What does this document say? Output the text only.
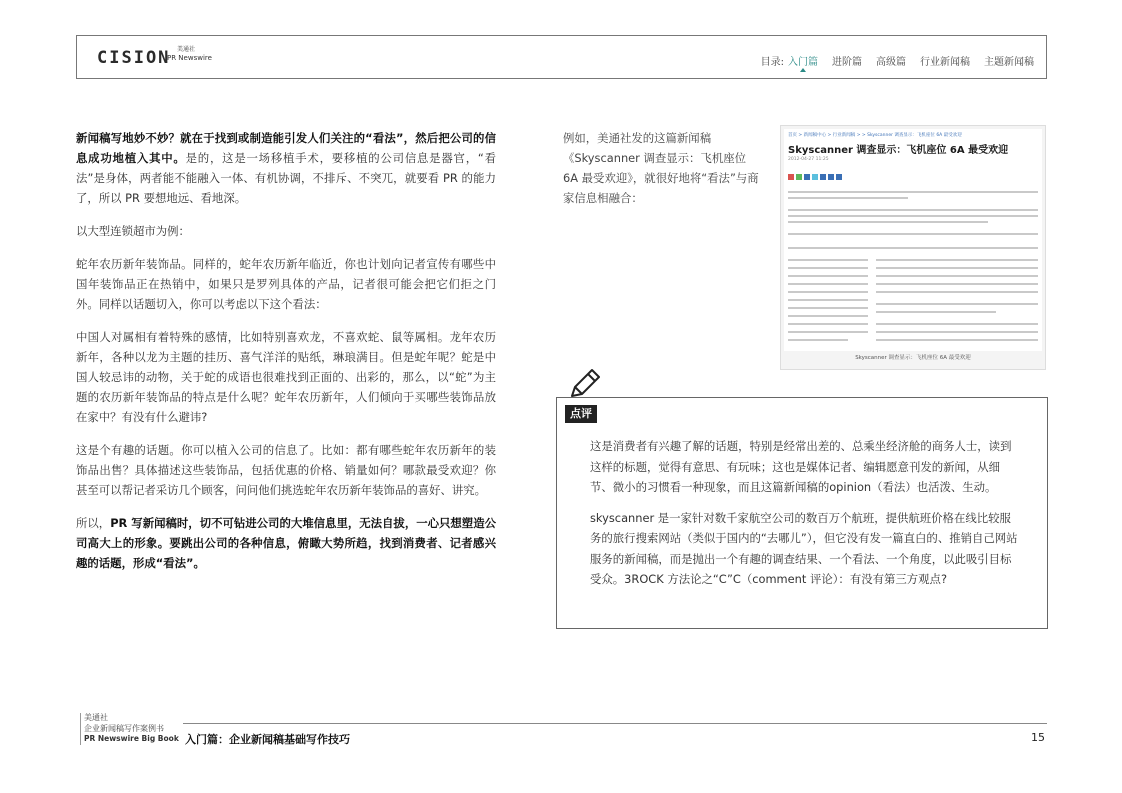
CISION 美通社
PR Newswire	目录: 入门篇 进阶篇 高级篇 行业新闻稿 主题新闻稿

新闻稿写地妙不妙？就在于找到或制造能引发人们关注的“看法”，然后把公司的信息成功地植入其中。是的，这是一场移植手术，要移植的公司信息是器官，“看法”是身体，两者能不能融入一体、有机协调，不排斥、不突兀，就要看 PR 的能力了，所以 PR 要想地远、看地深。

以大型连锁超市为例：

蛇年农历新年装饰品。同样的，蛇年农历新年临近，你也计划向记者宣传有哪些中国年装饰品正在热销中，如果只是罗列具体的产品，记者很可能会把它们拒之门外。同样以话题切入，你可以考虑以下这个看法：

中国人对属相有着特殊的感情，比如特别喜欢龙，不喜欢蛇、鼠等属相。龙年农历新年，各种以龙为主题的挂历、喜气洋洋的贴纸，琳琅满目。但是蛇年呢？蛇是中国人较忌讳的动物，关于蛇的成语也很难找到正面的、出彩的，那么，以“蛇”为主题的农历新年装饰品的特点是什么呢？蛇年农历新年，人们倾向于买哪些装饰品放在家中？有没有什么避讳?

这是个有趣的话题。你可以植入公司的信息了。比如：都有哪些蛇年农历新年的装饰品出售？具体描述这些装饰品，包括优惠的价格、销量如何？哪款最受欢迎？你甚至可以帮记者采访几个顾客，问问他们挑选蛇年农历新年装饰品的喜好、讲究。

所以，PR 写新闻稿时，切不可钻进公司的大堆信息里，无法自拔，一心只想塑造公司高大上的形象。要跳出公司的各种信息，俯瞰大势所趋，找到消费者、记者感兴趣的话题，形成“看法”。

例如，美通社发的这篇新闻稿《Skyscanner 调查显示：飞机座位 6A 最受欢迎》，就很好地将“看法”与商家信息相融合：
首页 > 新闻稿中心 > 行业新闻稿 > > Skyscanner 调查显示：飞机座位 6A 最受欢迎
Skyscanner 调查显示：飞机座位 6A 最受欢迎
2012-04-27 11:25
Skyscanner 调查显示：飞机座位 6A 最受欢迎
点评

这是消费者有兴趣了解的话题，特别是经常出差的、总乘坐经济舱的商务人士，读到这样的标题，觉得有意思、有玩味；这也是媒体记者、编辑愿意刊发的新闻，从细节、微小的习惯看一种现象，而且这篇新闻稿的opinion（看法）也活泼、生动。

skyscanner 是一家针对数千家航空公司的数百万个航班，提供航班价格在线比较服务的旅行搜索网站（类似于国内的“去哪儿”），但它没有发一篇直白的、推销自己网站服务的新闻稿，而是抛出一个有趣的调查结果、一个看法、一个角度，以此吸引目标受众。3ROCK 方法论之“C”C（comment 评论）：有没有第三方观点?

美通社
企业新闻稿写作案例书
PR Newswire Big Book 入门篇：企业新闻稿基础写作技巧	15
